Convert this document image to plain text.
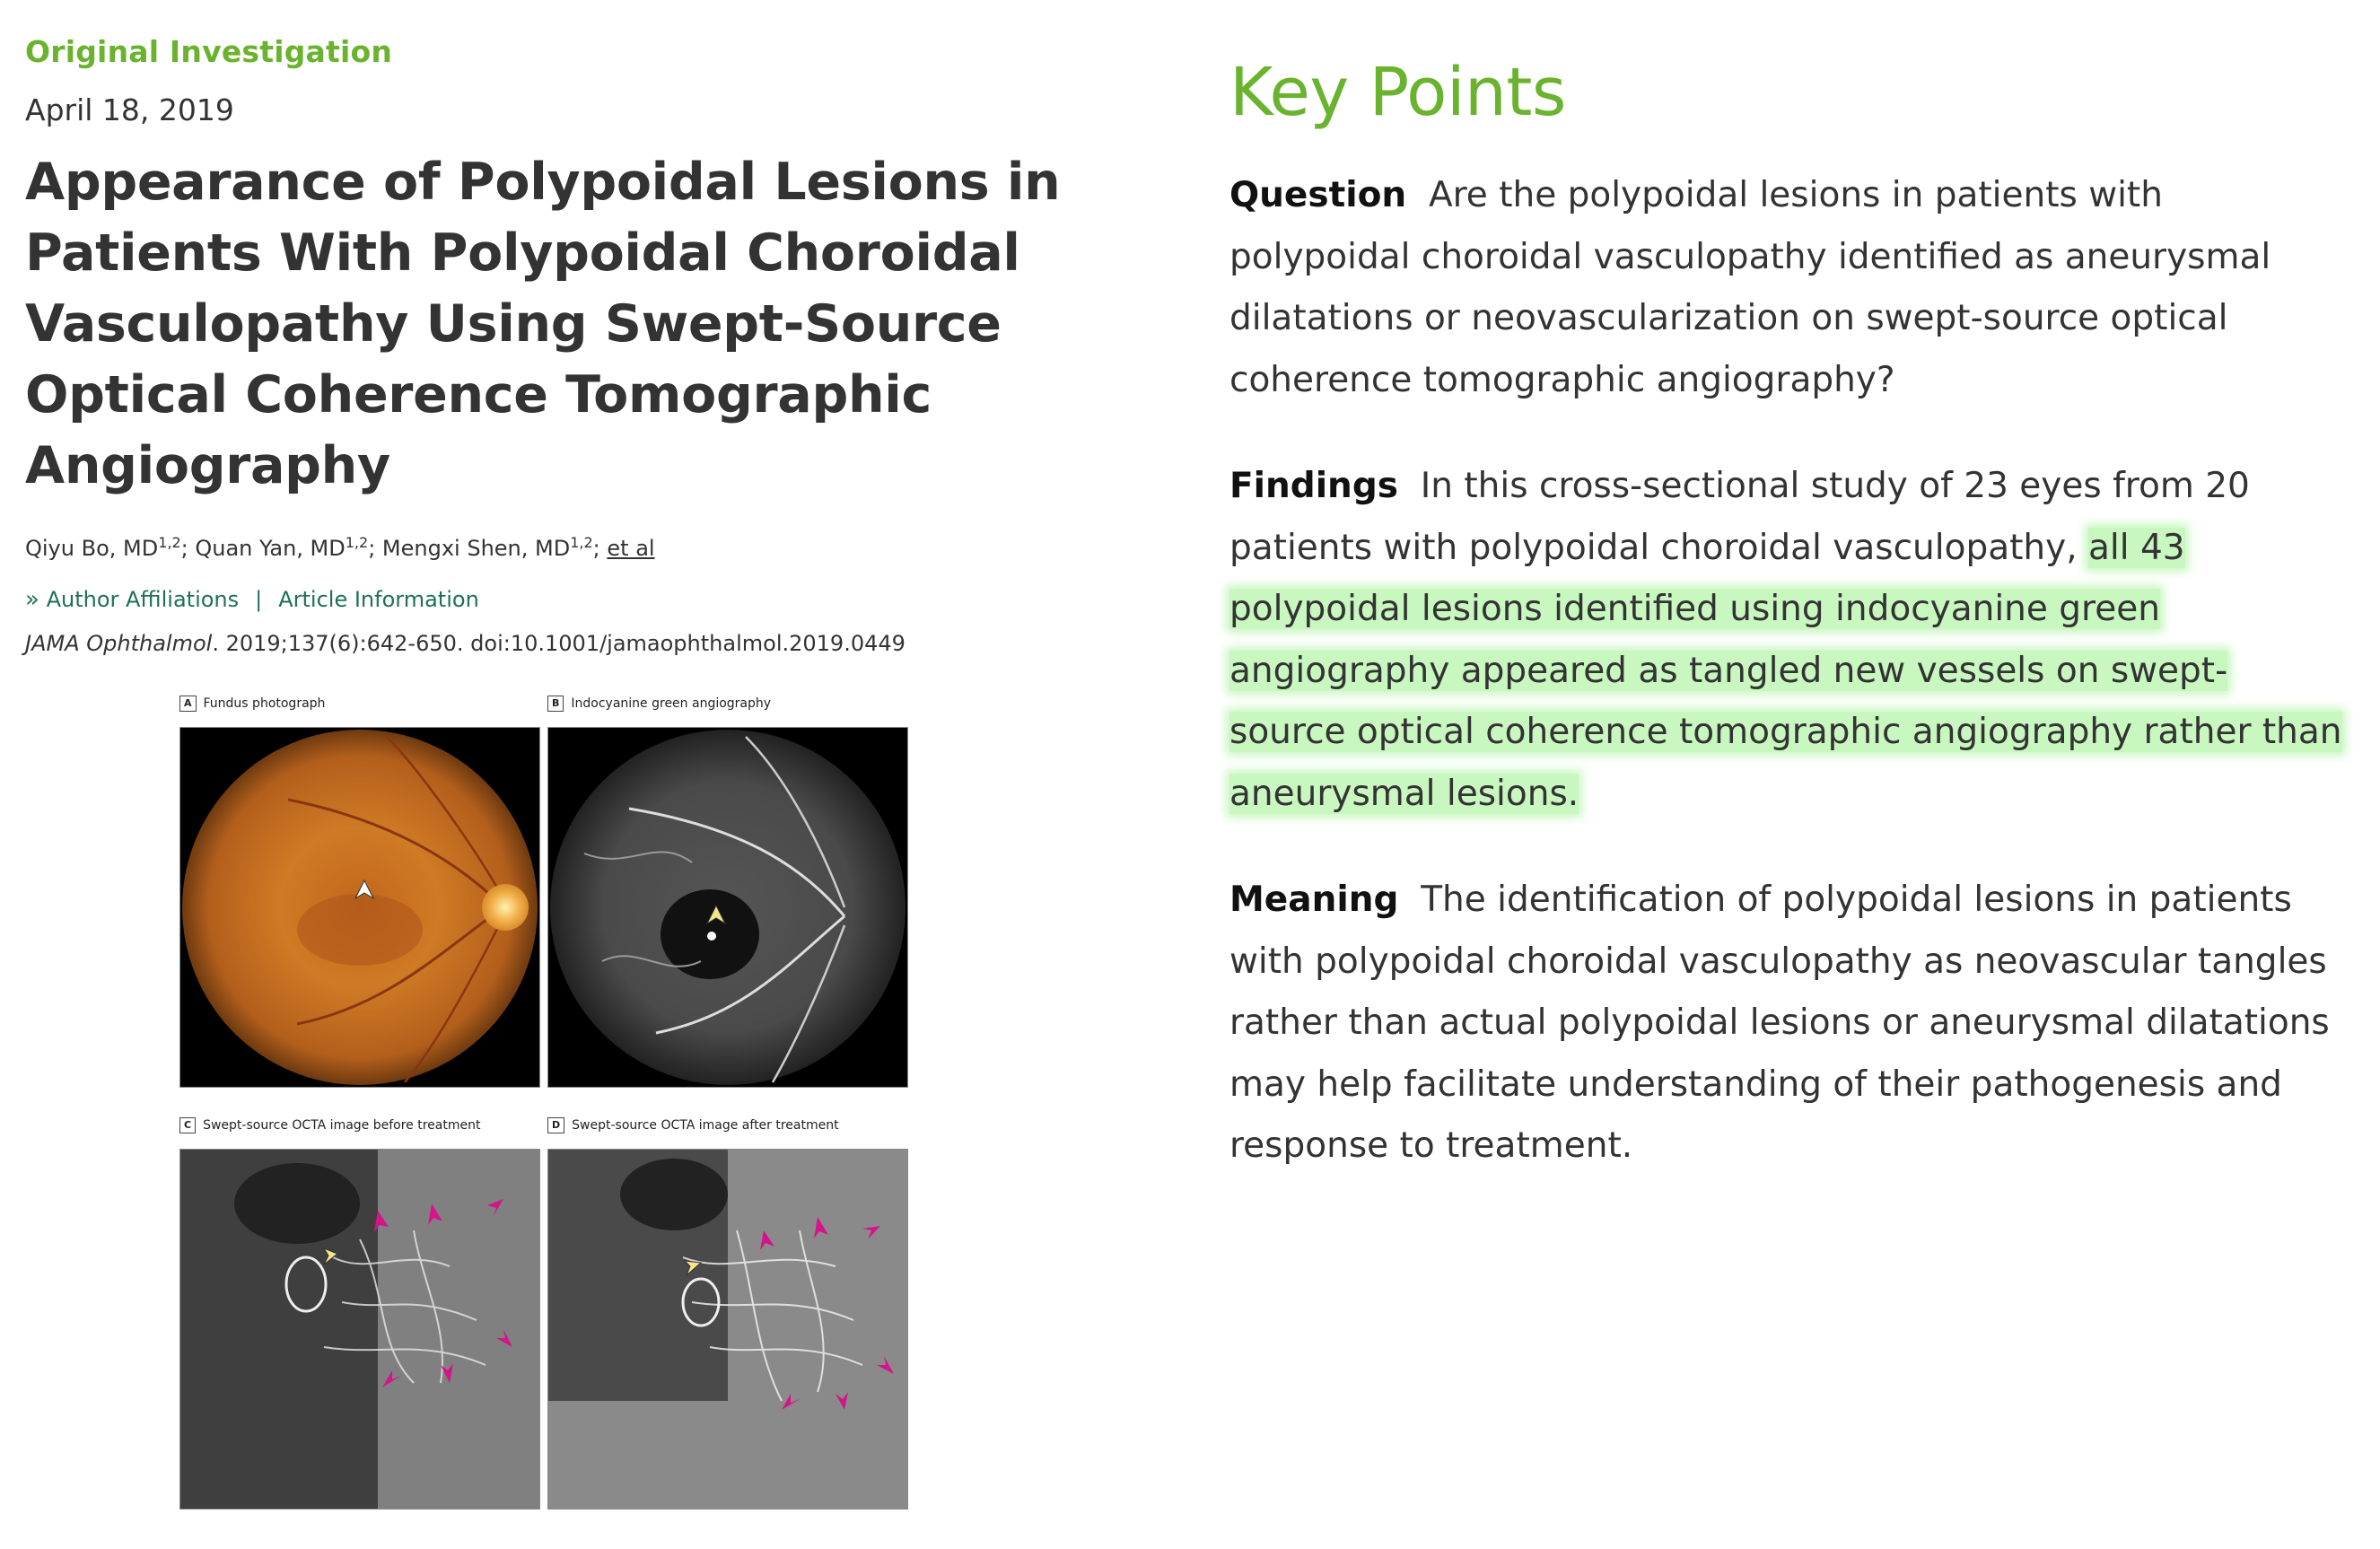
Original Investigation

April 18, 2019
Appearance of Polypoidal Lesions in Patients With Polypoidal Choroidal Vasculopathy Using Swept-Source Optical Coherence Tomographic Angiography
Qiyu Bo, MD$^{1,2}$; Quan Yan, MD$^{1,2}$; Mengxi Shen, MD$^{1,2}$; et al
» Author Affiliations | Article Information
JAMA Ophthalmol. 2019;137(6):642-650. doi:10.1001/jamaophthalmol.2019.0449
A Fundus photograph	B Indocyanine green angiography
C Swept-source OCTA image before treatment	D Swept-source OCTA image after treatment
Key Points

Question Are the polypoidal lesions in patients with polypoidal choroidal vasculopathy identified as aneurysmal dilatations or neovascularization on swept-source optical coherence tomographic angiography?

Findings In this cross-sectional study of 23 eyes from 20 patients with polypoidal choroidal vasculopathy, all 43 polypoidal lesions identified using indocyanine green angiography appeared as tangled new vessels on swept-source optical coherence tomographic angiography rather than aneurysmal lesions.

Meaning The identification of polypoidal lesions in patients with polypoidal choroidal vasculopathy as neovascular tangles rather than actual polypoidal lesions or aneurysmal dilatations may help facilitate understanding of their pathogenesis and response to treatment.
